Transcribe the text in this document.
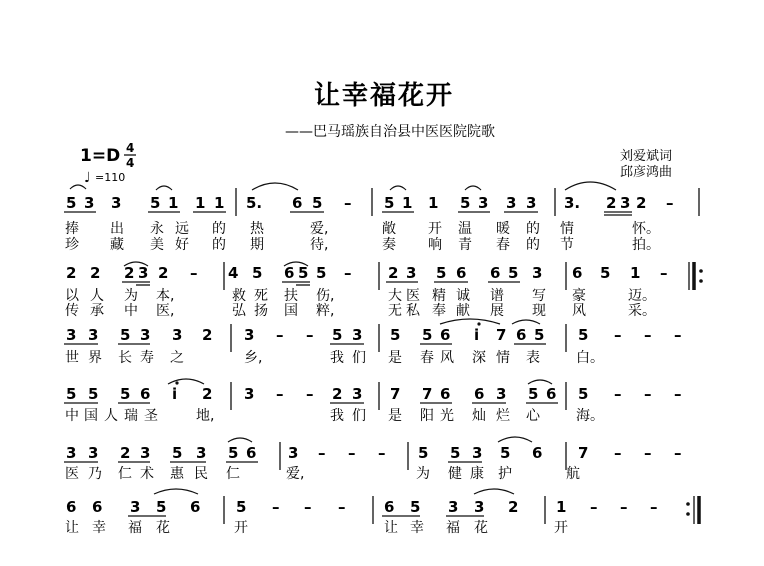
让幸福花开
——巴马瑶族自治县中医医院院歌
1=D 4
4	刘爱斌词
邱彦鸿曲
♩ =110
5 3 3 5 1 1 1 5. 6 5 – 5 1 1 5 3 3 3 3. 2 3 2 –
捧 出 永 远 的 热	爱,	敞 开 温 暖 的 情	怀。
珍 藏 美 好 的 期	待,	奏 响 青 春 的 节	拍。
2 2 2 3 2 – 4 5 6 5 5 – 2 3 5 6 6 5 3 6 5 1 –
以 人 为 本,	救 死 扶 伤,	大 医 精 诚 谱 写 豪	迈。
传 承 中 医,	弘 扬 国 粹,	无 私 奉 献 展 现 风	采。
3 3 5 3 3 2 3 – – 5 3 5 5 6 i 7 6 5 5 – – –
世 界 长 寿 之	乡,	我 们 是 春 风 深 情 表	白。
5 5 5 6 i 2 3 – – 2 3 7 7 6 6 3 5 6 5 – – –
中 国 人 瑞 圣	地,	我 们 是 阳 光 灿 烂 心	海。
3 3 2 3 5 3 5 6 3 – – – 5 5 3 5 6 7 – – –
医 乃 仁 术 惠 民 仁	爱,	为 健 康 护	航
6 6 3 5 6 5 – – –	6 5 3 3 2	1 – – –
让 幸 福 花	开	让 幸 福 花	开
